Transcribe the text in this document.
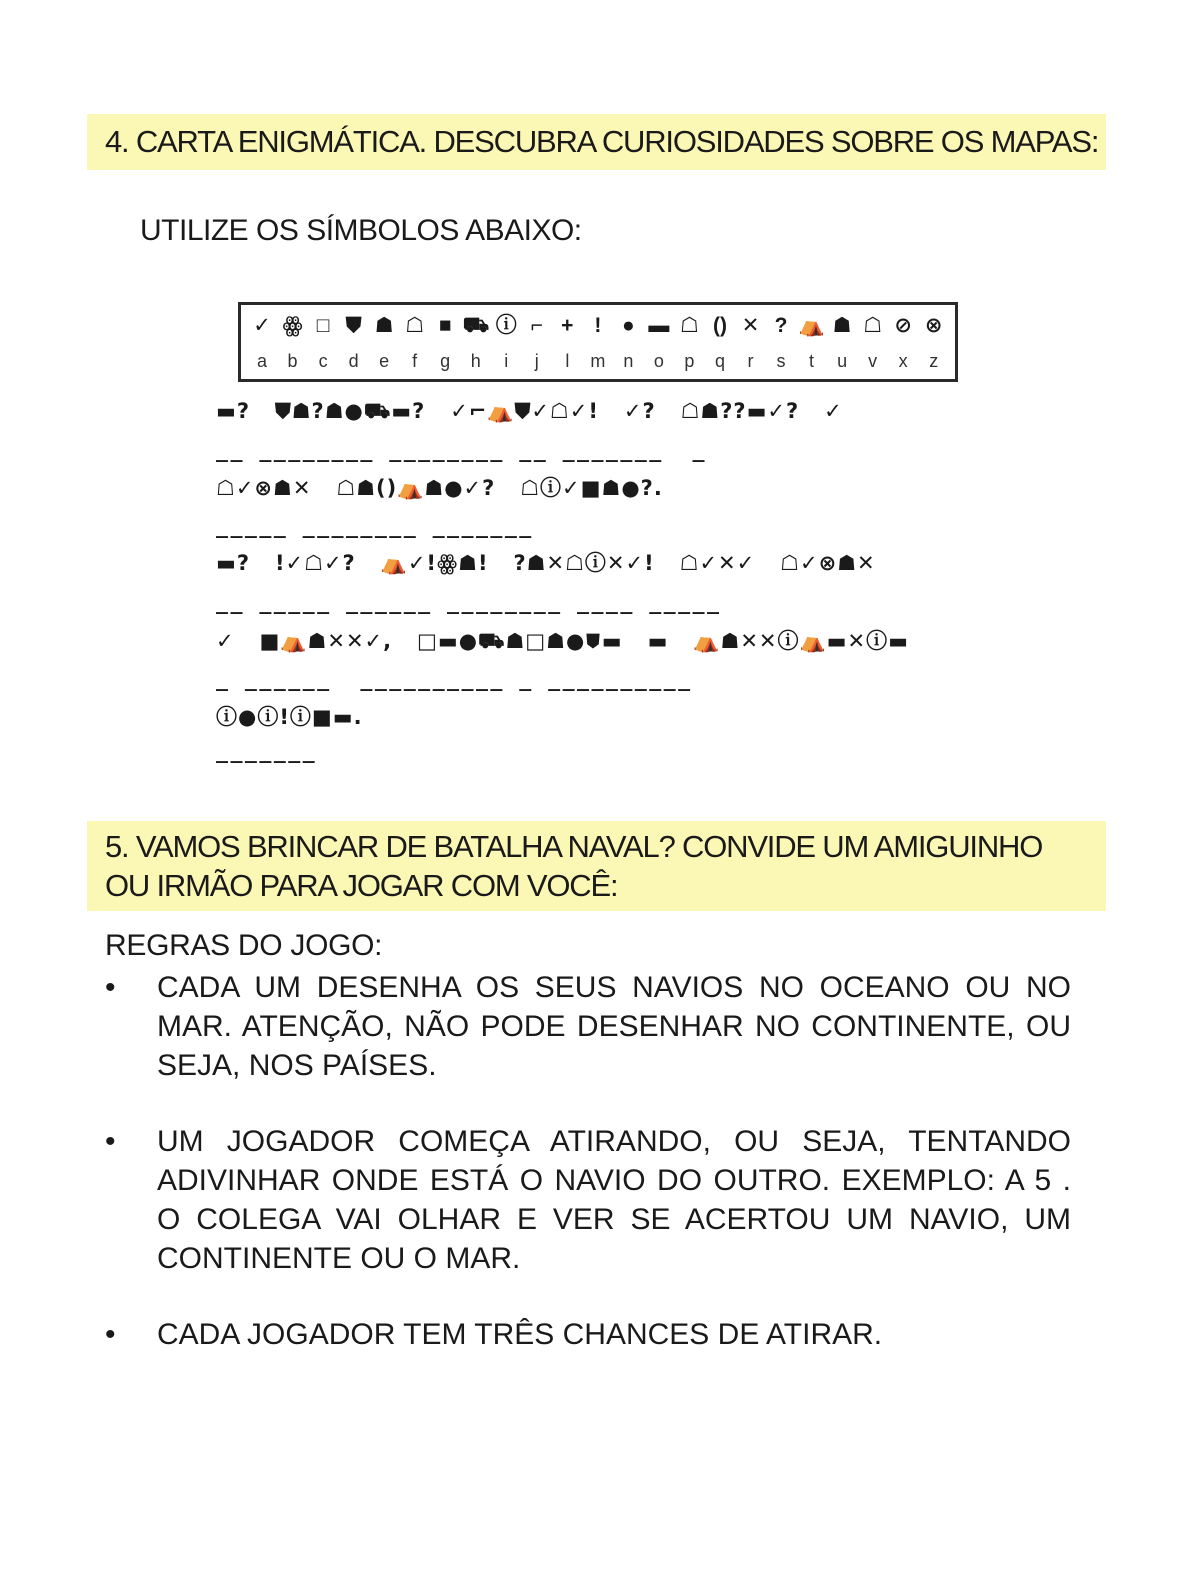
4. CARTA ENIGMÁTICA. DESCUBRA CURIOSIDADES SOBRE OS MAPAS:
UTILIZE OS SÍMBOLOS ABAIXO:
✓ ꙮ □ ⛊ ☗ ☖ ■ ⛟ ⓘ ⌐ + ! ● ▬ ☖ () ✕ ? ⛺ ☗ ☖ ⊘ ⊗
a	b	c	d	e	f	g	h	i	j	l	m	n	o	p	q	r	s	t	u	v	x	z
▬?   ⛊☗?☗●⛟▬?   ✓⌐⛺⛊✓☖✓!   ✓?   ☖☗??▬✓?   ✓
__ ________ ________ __ _______  _
☖✓⊗☗✕   ☖☗()⛺☗●✓?   ☖ⓘ✓■☗●?.
_____ ________ _______
▬?   !✓☖✓?   ⛺✓!ꙮ☗!   ?☗✕☖ⓘ✕✓!   ☖✓✕✓   ☖✓⊗☗✕
__ _____ ______ ________ ____ _____
✓   ■⛺☗✕✕✓,   □▬●⛟☗□☗●⛊▬   ▬   ⛺☗✕✕ⓘ⛺▬✕ⓘ▬
_ ______  __________ _ __________
ⓘ●ⓘ!ⓘ■▬.
_______
5. VAMOS BRINCAR DE BATALHA NAVAL? CONVIDE UM AMIGUINHO OU IRMÃO PARA JOGAR COM VOCÊ:
REGRAS DO JOGO:
•	CADA UM DESENHA OS SEUS NAVIOS NO OCEANO OU NO MAR. ATENÇÃO, NÃO PODE DESENHAR NO CONTINENTE, OU SEJA, NOS PAÍSES.
•	UM JOGADOR COMEÇA ATIRANDO, OU SEJA, TENTANDO ADIVINHAR ONDE ESTÁ O NAVIO DO OUTRO. EXEMPLO: A 5 . O COLEGA VAI OLHAR E VER SE ACERTOU UM NAVIO, UM CONTINENTE OU O MAR.
•	CADA JOGADOR TEM TRÊS CHANCES DE ATIRAR.
